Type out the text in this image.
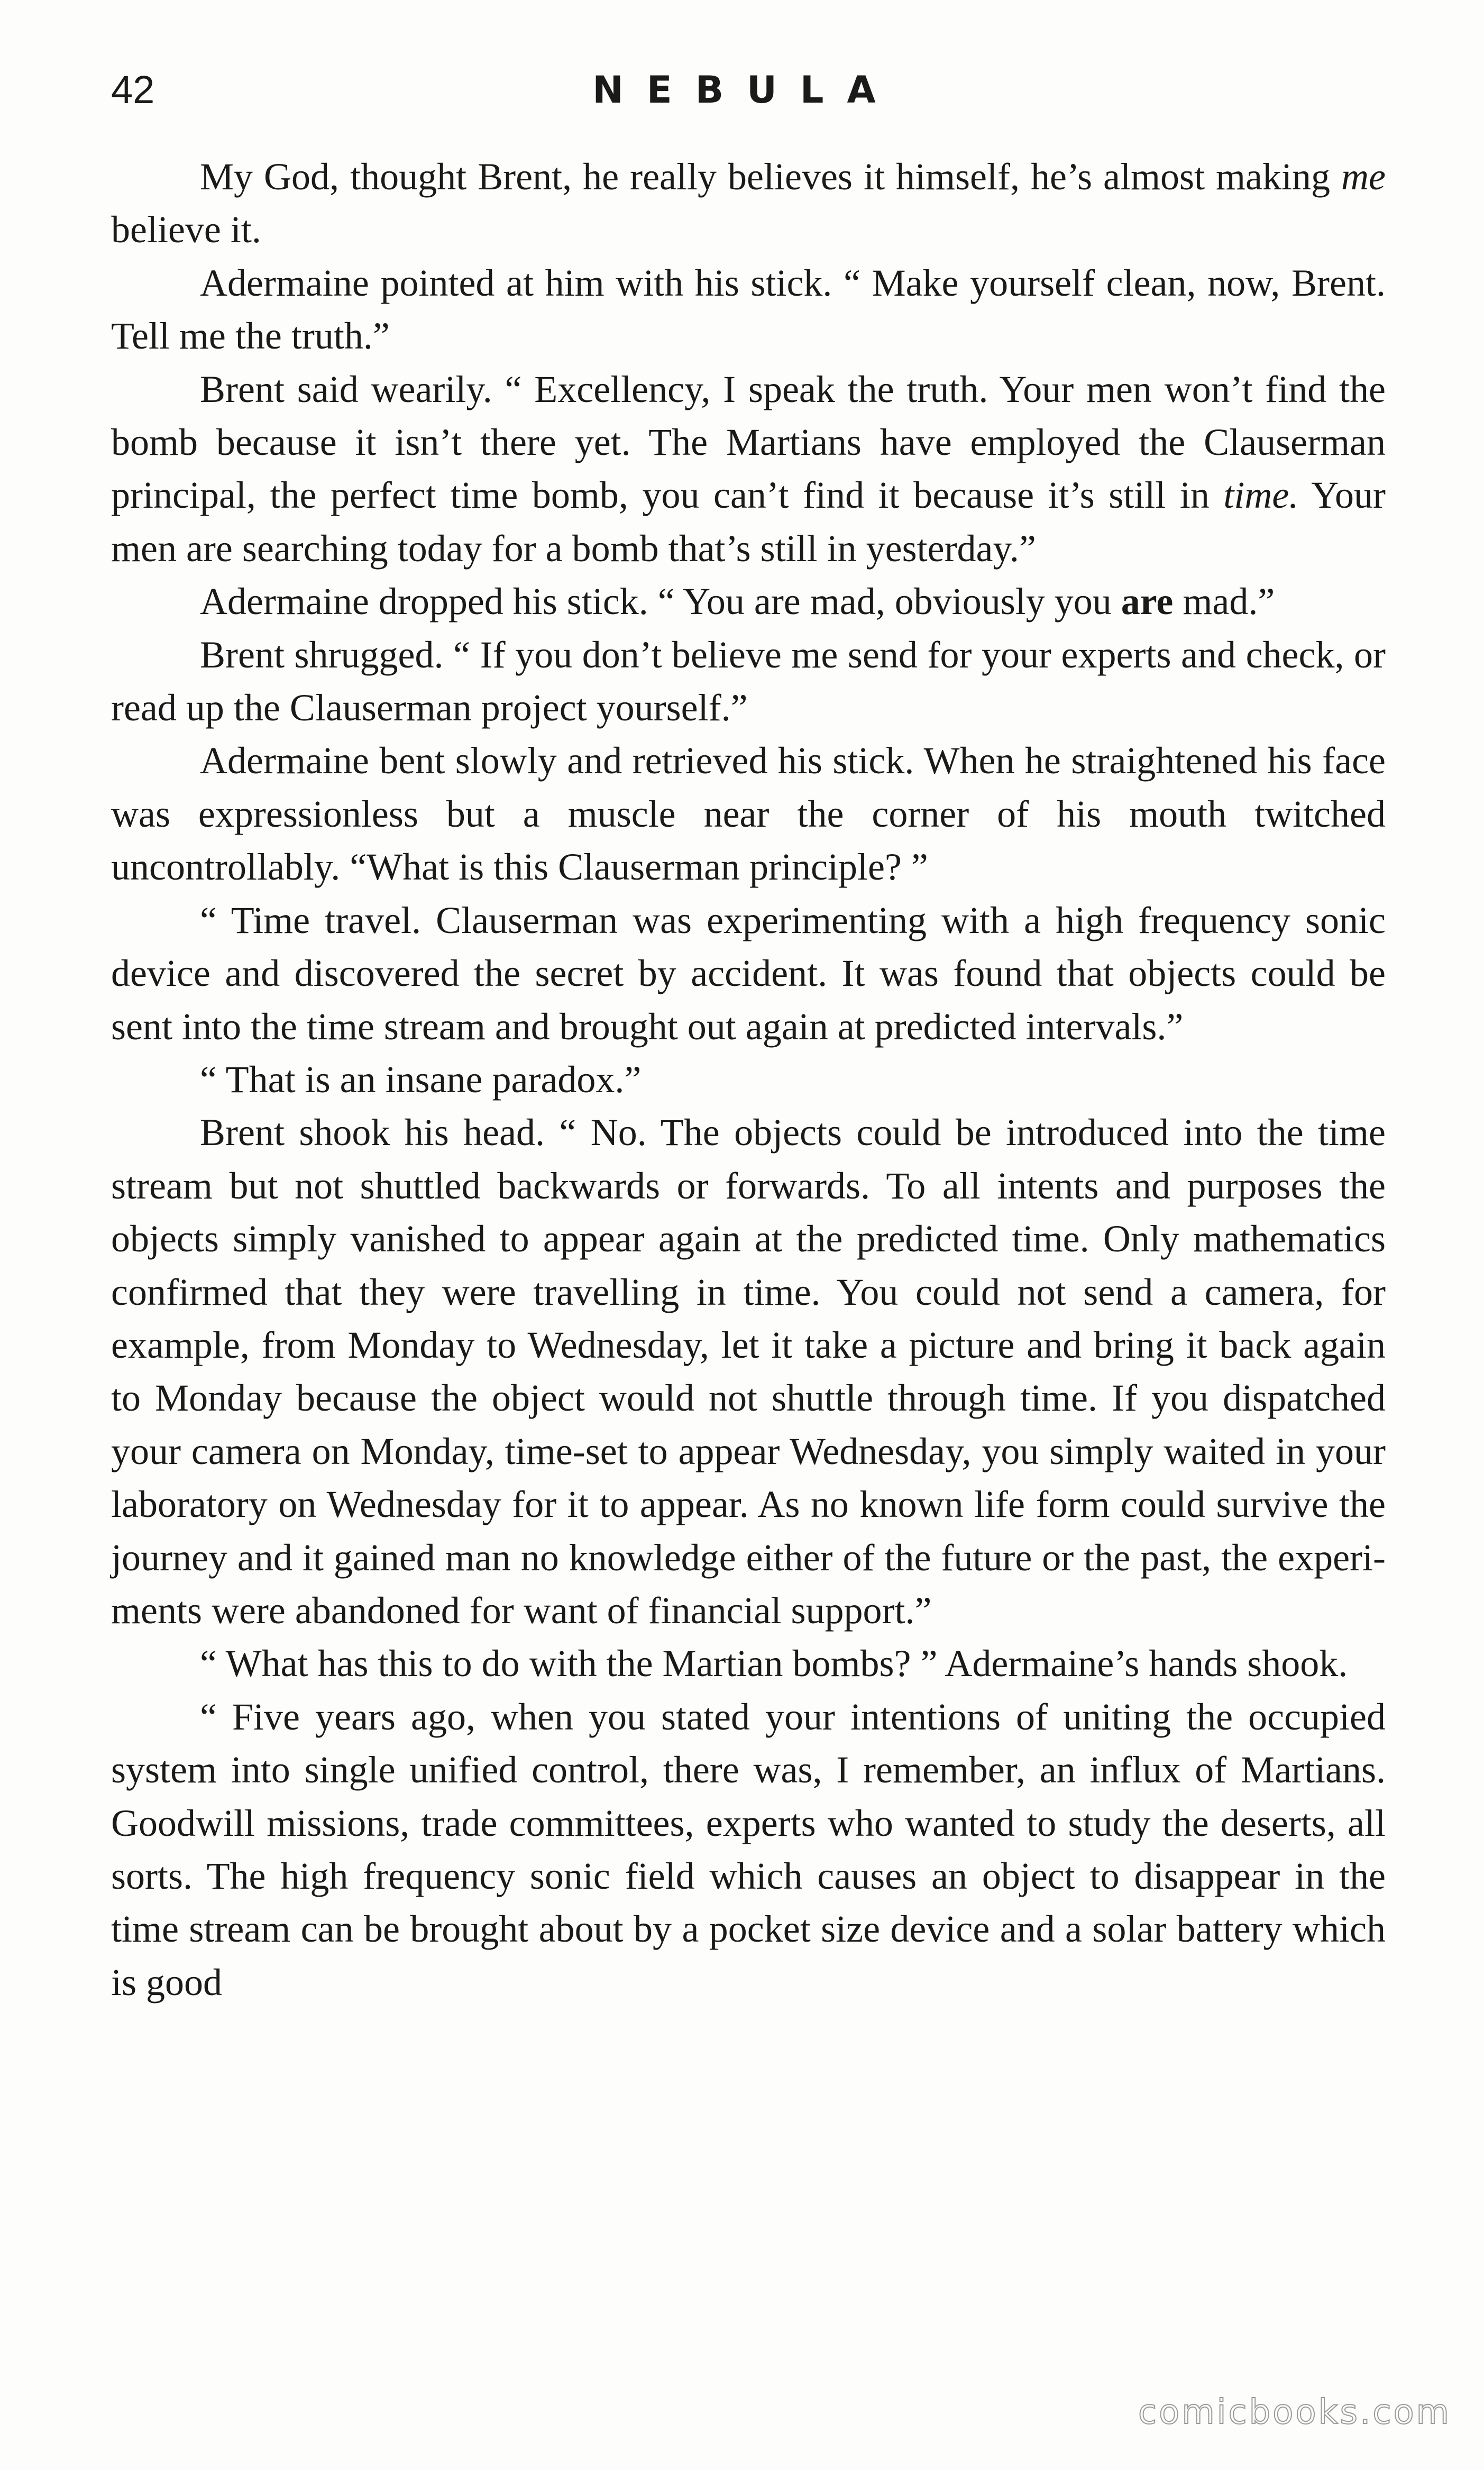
42	NEBULA

My God, thought Brent, he really believes it himself, he’s almost making me believe it.

Adermaine pointed at him with his stick. “ Make yourself clean, now, Brent. Tell me the truth.”

Brent said wearily. “ Excellency, I speak the truth. Your men won’t find the bomb because it isn’t there yet. The Martians have employed the Clauserman principal, the perfect time bomb, you can’t find it because it’s still in time. Your men are searching today for a bomb that’s still in yesterday.”

Adermaine dropped his stick. “ You are mad, obviously you are mad.”

Brent shrugged. “ If you don’t believe me send for your experts and check, or read up the Clauserman project yourself.”

Adermaine bent slowly and retrieved his stick. When he straightened his face was expressionless but a muscle near the corner of his mouth twitched uncontrollably. “What is this Clauserman principle? ”

“ Time travel. Clauserman was experimenting with a high frequency sonic device and discovered the secret by accident. It was found that objects could be sent into the time stream and brought out again at predicted intervals.”

“ That is an insane paradox.”

Brent shook his head. “ No. The objects could be introduced into the time stream but not shuttled backwards or forwards. To all intents and purposes the objects simply vanished to appear again at the predicted time. Only mathematics confirmed that they were travelling in time. You could not send a camera, for example, from Monday to Wednesday, let it take a picture and bring it back again to Monday because the object would not shuttle through time. If you dispatched your camera on Monday, time-set to appear Wednesday, you simply waited in your laboratory on Wednesday for it to appear. As no known life form could survive the journey and it gained man no knowledge either of the future or the past, the experiments were abandoned for want of financial support.”

“ What has this to do with the Martian bombs? ” Adermaine’s hands shook.

“ Five years ago, when you stated your intentions of uniting the occupied system into single unified control, there was, I remember, an influx of Martians. Goodwill missions, trade committees, experts who wanted to study the deserts, all sorts. The high frequency sonic field which causes an object to disappear in the time stream can be brought about by a pocket size device and a solar battery which is good

comicbooks.com
